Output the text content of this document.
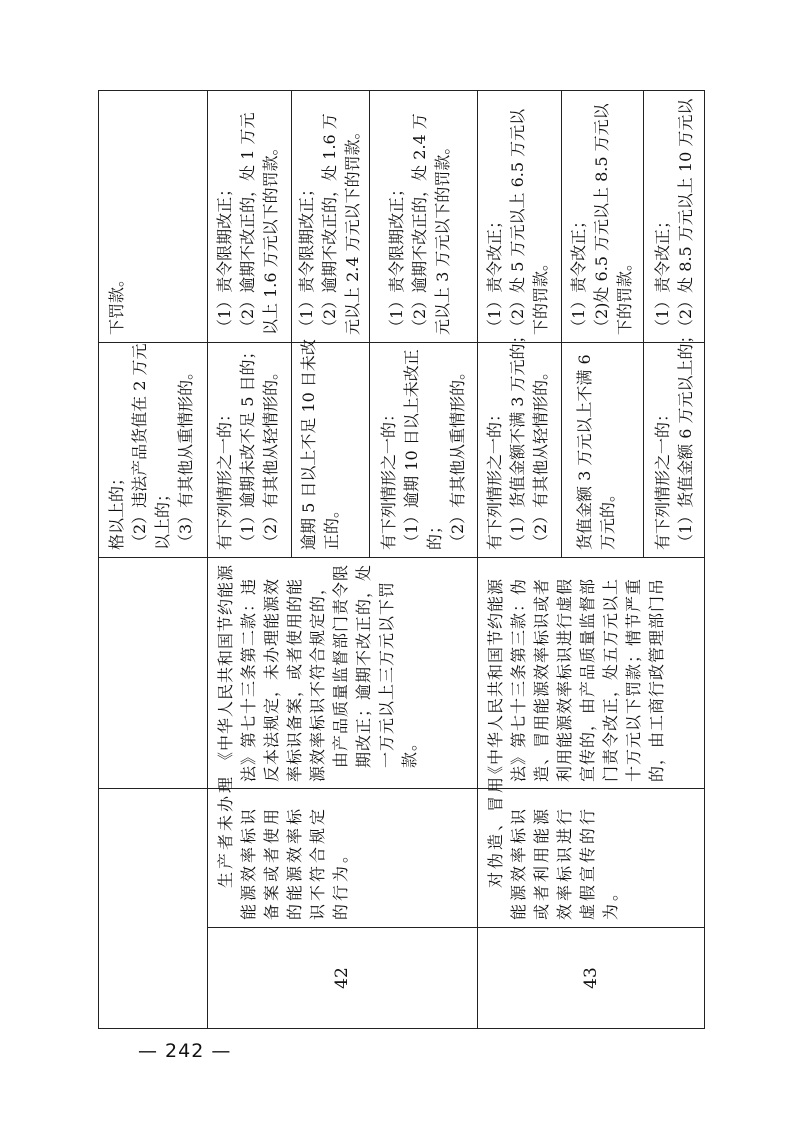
— 242 —
格以上的； （2）违法产品货值在 2 万元 以上的； （3）有其他从重情形的。
下罚款。
42
生产者未办理 能源效率标识 备案或者使用 的能源效率标 识不符合规定 的行为。
《中华人民共和国节约能源 法》第七十三条第二款：违 反本法规定，未办理能源效 率标识备案，或者使用的能 源效率标识不符合规定的， 由产品质量监督部门责令限 期改正；逾期不改正的，处 一万元以上三万元以下罚 款。
有下列情形之一的： （1）逾期未改不足 5 日的； （2）有其他从轻情形的。
（1）责令限期改正； （2）逾期不改正的，处 1 万元 以上 1.6 万元以下的罚款。
逾期 5 日以上不足 10 日未改 正的。
（1）责令限期改正； （2）逾期不改正的，处 1.6 万 元以上 2.4 万元以下的罚款。
有下列情形之一的： （1）逾期 10 日以上未改正 的； （2）有其他从重情形的。
（1）责令限期改正； （2）逾期不改正的，处 2.4 万 元以上 3 万元以下的罚款。
43
对伪造、冒用 能源效率标识 或者利用能源 效率标识进行 虚假宣传的行 为。
《中华人民共和国节约能源 法》第七十三条第三款：伪 造、冒用能源效率标识或者 利用能源效率标识进行虚假 宣传的，由产品质量监督部 门责令改正，处五万元以上 十万元以下罚款；情节严重 的，由工商行政管理部门吊
有下列情形之一的： （1）货值金额不满 3 万元的； （2）有其他从轻情形的。
（1）责令改正； （2）处 5 万元以上 6.5 万元以 下的罚款。
货值金额 3 万元以上不满 6 万元的。
（1）责令改正； （2)处 6.5 万元以上 8.5 万元以 下的罚款。
有下列情形之一的： （1）货值金额 6 万元以上的；
（1）责令改正； （2）处 8.5 万元以上 10 万元以
